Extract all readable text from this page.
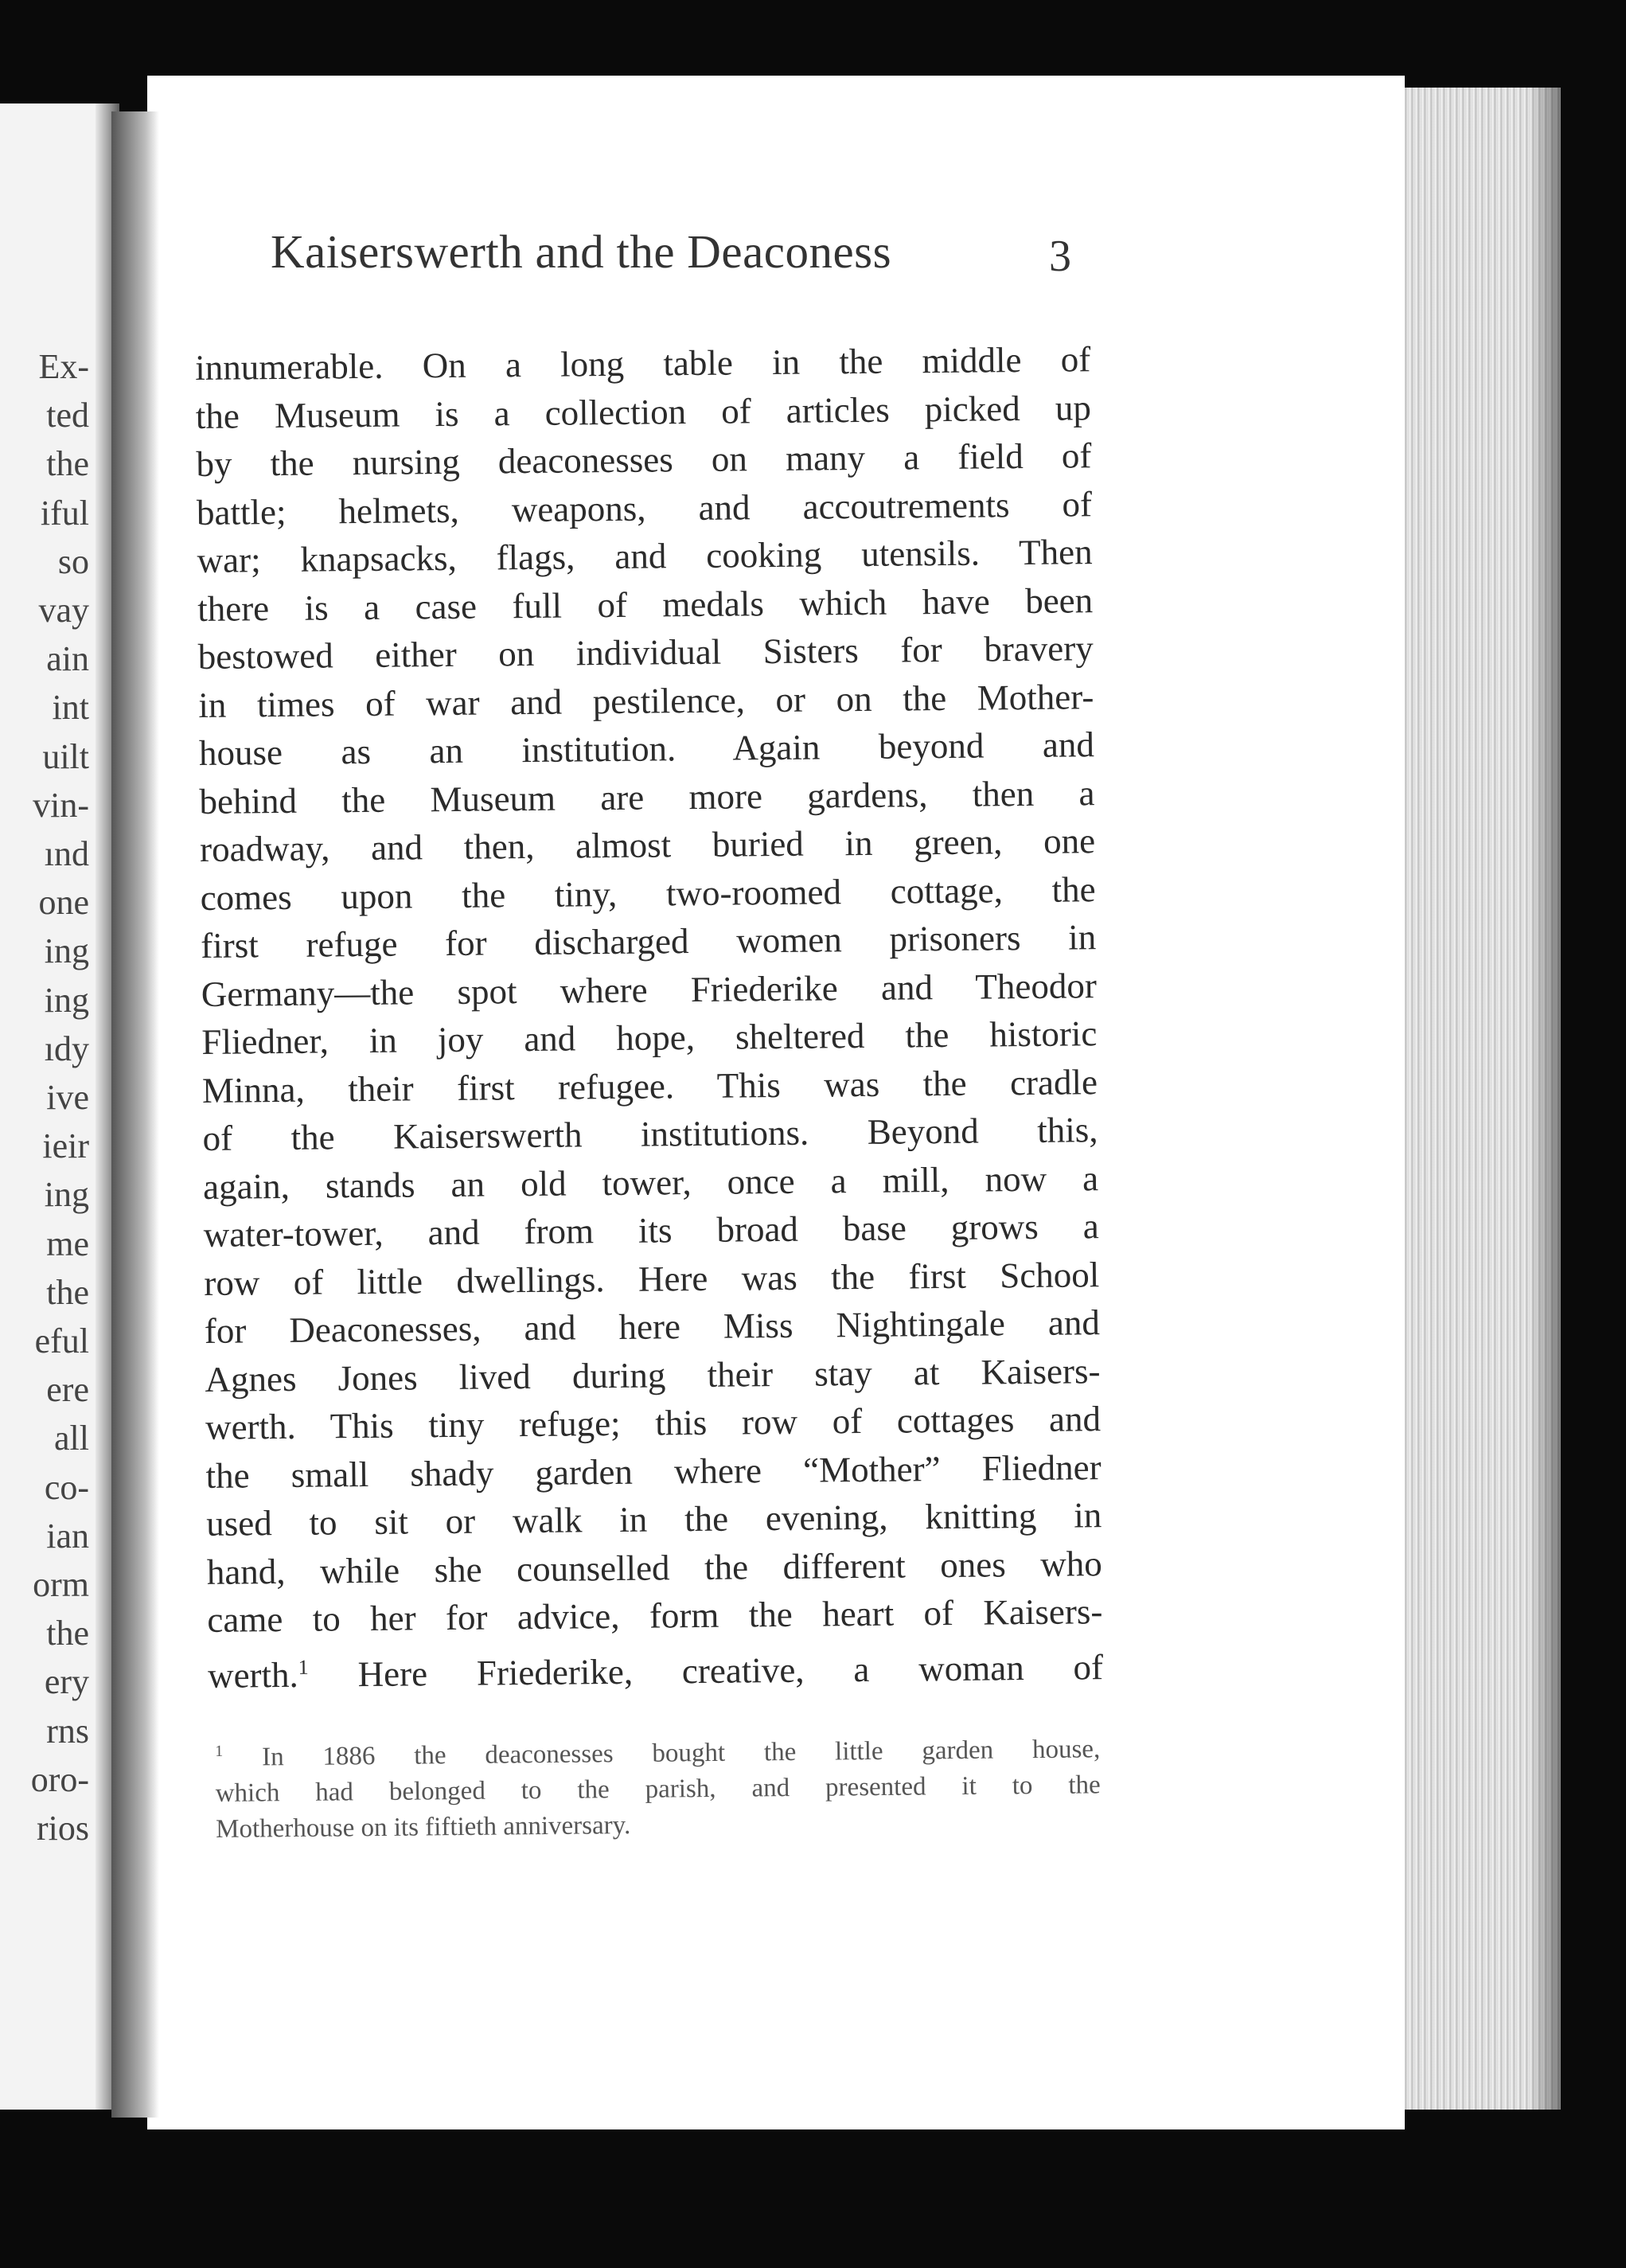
Ex-
ted
the
iful
so
vay
ain
int
uilt
vin-
ınd
one
ing
ing
ıdy
ive
ieir
ing
me
the
eful
ere
all
co-
ian
orm
the
ery
rns
oro-
rios
Kaiserswerth and the Deaconess	3
innumerable. On a long table in the middle of
the Museum is a collection of articles picked up
by the nursing deaconesses on many a field of
battle; helmets, weapons, and accoutrements of
war; knapsacks, flags, and cooking utensils. Then
there is a case full of medals which have been
bestowed either on individual Sisters for bravery
in times of war and pestilence, or on the Mother-
house as an institution. Again beyond and
behind the Museum are more gardens, then a
roadway, and then, almost buried in green, one
comes upon the tiny, two-roomed cottage, the
first refuge for discharged women prisoners in
Germany—the spot where Friederike and Theodor
Fliedner, in joy and hope, sheltered the historic
Minna, their first refugee. This was the cradle
of the Kaiserswerth institutions. Beyond this,
again, stands an old tower, once a mill, now a
water-tower, and from its broad base grows a
row of little dwellings. Here was the first School
for Deaconesses, and here Miss Nightingale and
Agnes Jones lived during their stay at Kaisers-
werth. This tiny refuge; this row of cottages and
the small shady garden where “Mother” Fliedner
used to sit or walk in the evening, knitting in
hand, while she counselled the different ones who
came to her for advice, form the heart of Kaisers-
werth.$^1$ Here Friederike, creative, a woman of
$^1$ In 1886 the deaconesses bought the little garden house,
which had belonged to the parish, and presented it to the
Motherhouse on its fiftieth anniversary.
